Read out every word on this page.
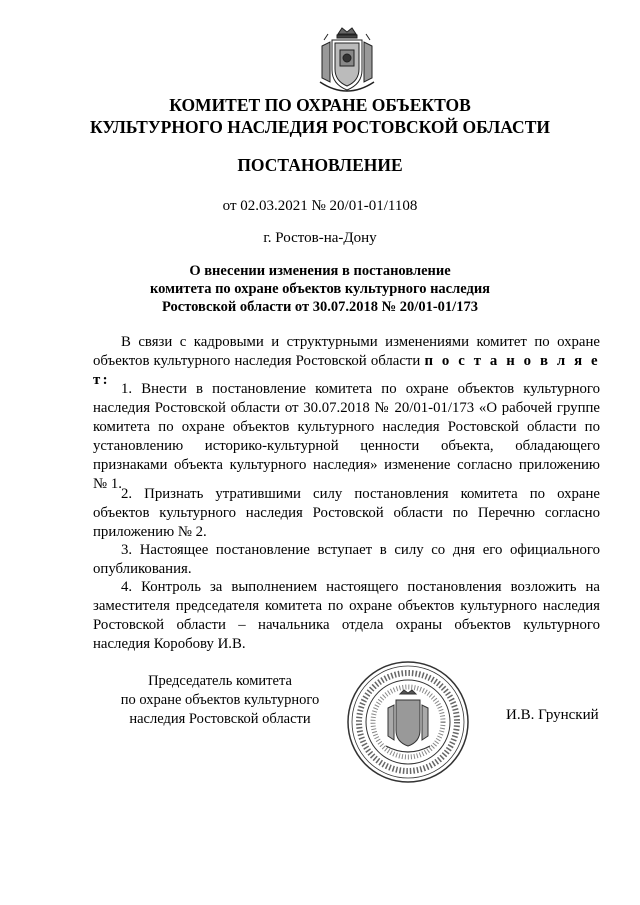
КОМИТЕТ ПО ОХРАНЕ ОБЪЕКТОВ
КУЛЬТУРНОГО НАСЛЕДИЯ РОСТОВСКОЙ ОБЛАСТИ
ПОСТАНОВЛЕНИЕ
от 02.03.2021 № 20/01-01/1108
г. Ростов-на-Дону
О внесении изменения в постановление
комитета по охране объектов культурного наследия
Ростовской области от 30.07.2018 № 20/01-01/173
В связи с кадровыми и структурными изменениями комитет по охране объектов культурного наследия Ростовской области п о с т а н о в л я е т:
1. Внести в постановление комитета по охране объектов культурного наследия Ростовской области от 30.07.2018 № 20/01-01/173 «О рабочей группе комитета по охране объектов культурного наследия Ростовской области по установлению историко-культурной ценности объекта, обладающего признаками объекта культурного наследия» изменение согласно приложению № 1.
2. Признать утратившими силу постановления комитета по охране объектов культурного наследия Ростовской области по Перечню согласно приложению № 2.
3. Настоящее постановление вступает в силу со дня его официального опубликования.
4. Контроль за выполнением настоящего постановления возложить на заместителя председателя комитета по охране объектов культурного наследия Ростовской области – начальника отдела охраны объектов культурного наследия Коробову И.В.
Председатель комитета
по охране объектов культурного
наследия Ростовской области	И.В. Грунский
